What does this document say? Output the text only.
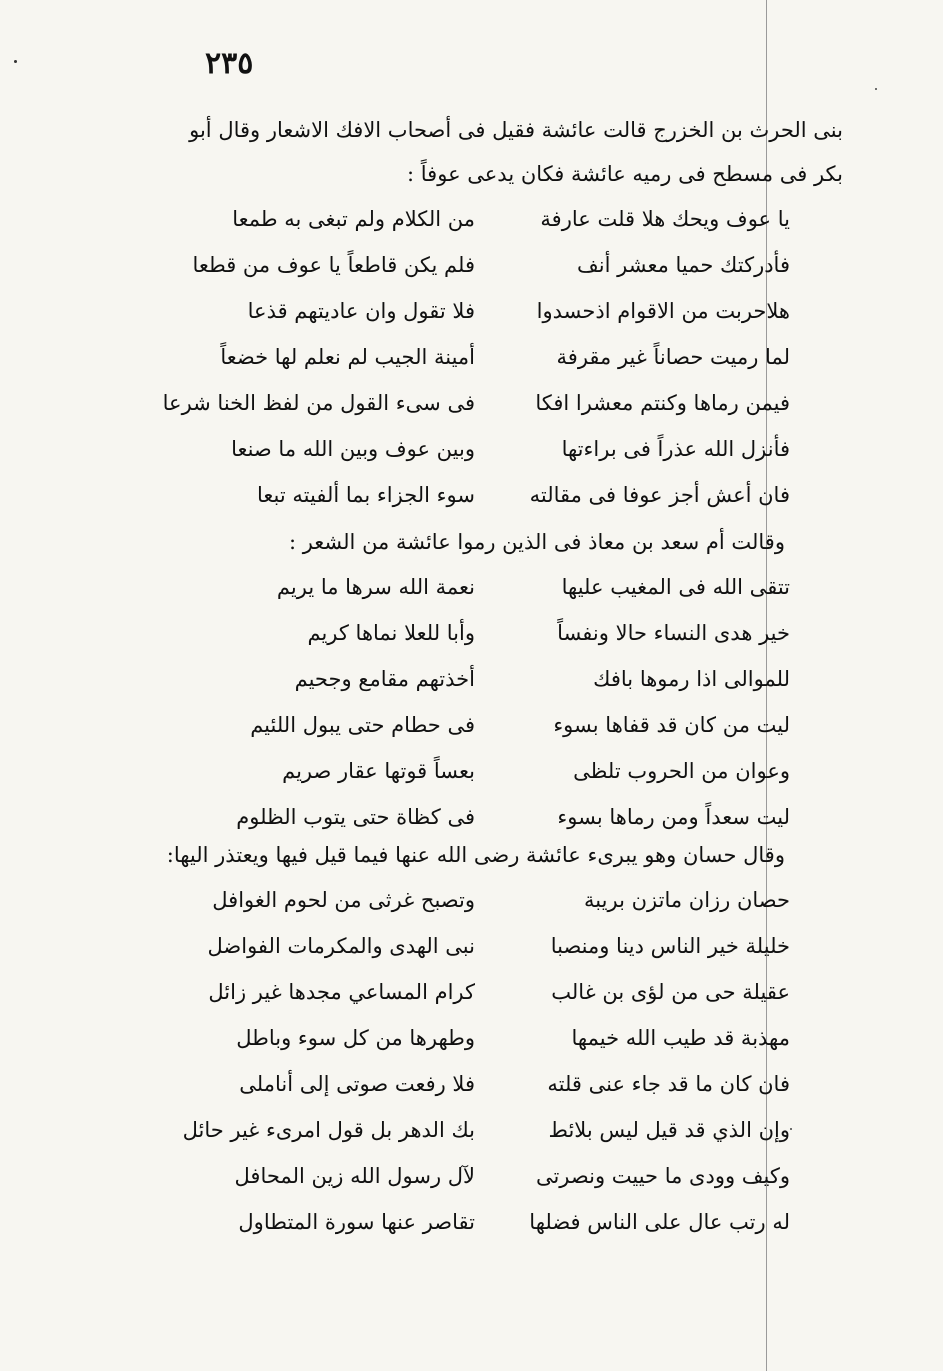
٢٣٥
بنى الحرث بن الخزرج قالت عائشة فقيل فى أصحاب الافك الاشعار وقال أبو
بكر فى مسطح فى رميه عائشة فكان يدعى عوفاً :
يا عوف ويحك هلا قلت عارفة
من الكلام ولم تبغى به طمعا
فأدركتك حميا معشر أنف
فلم يكن قاطعاً يا عوف من قطعا
هلاحربت من الاقوام اذحسدوا
فلا تقول وان عاديتهم قذعا
لما رميت حصاناً غير مقرفة
أمينة الجيب لم نعلم لها خضعاً
فيمن رماها وكنتم معشرا افكا
فى سىء القول من لفظ الخنا شرعا
فأنزل الله عذراً فى براءتها
وبين عوف وبين الله ما صنعا
فان أعش أجز عوفا فى مقالته
سوء الجزاء بما ألفيته تبعا
وقالت أم سعد بن معاذ فى الذين رموا عائشة من الشعر :
تتقى الله فى المغيب عليها
نعمة الله سرها ما يريم
خير هدى النساء حالا ونفساً
وأبا للعلا نماها كريم
للموالى اذا رموها بافك
أخذتهم مقامع وجحيم
ليت من كان قد قفاها بسوء
فى حطام حتى يبول اللئيم
وعوان من الحروب تلظى
بعساً قوتها عقار صريم
ليت سعداً ومن رماها بسوء
فى كظاة حتى يتوب الظلوم
وقال حسان وهو يبرىء عائشة رضى الله عنها فيما قيل فيها ويعتذر اليها:
حصان رزان ماتزن بريبة
وتصبح غرثى من لحوم الغوافل
خليلة خير الناس دينا ومنصبا
نبى الهدى والمكرمات الفواضل
عقيلة حى من لؤى بن غالب
كرام المساعي مجدها غير زائل
مهذبة قد طيب الله خيمها
وطهرها من كل سوء وباطل
فان كان ما قد جاء عنى قلته
فلا رفعت صوتى إلى أناملى
وإن الذي قد قيل ليس بلائط
بك الدهر بل قول امرىء غير حائل
وكيف وودى ما حييت ونصرتى
لآل رسول الله زين المحافل
له رتب عال على الناس فضلها
تقاصر عنها سورة المتطاول
